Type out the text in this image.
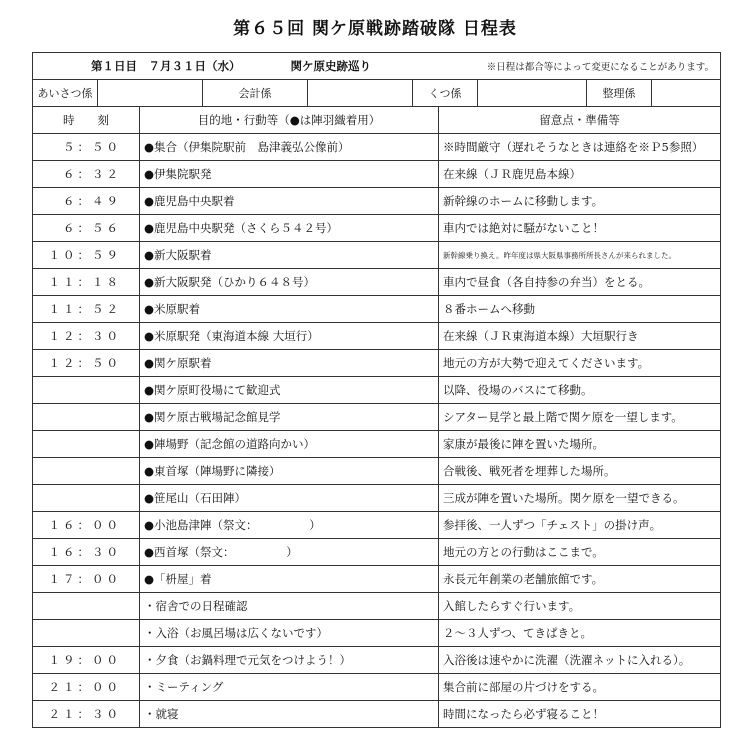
第６５回 関ケ原戦跡踏破隊 日程表
第１日目　７月３１日（水） 関ケ原史跡巡り ※日程は都合等によって変更になることがあります。		

あいさつ係 会計係 くつ係 整理係		

時　　刻	目的地・行動等（●は陣羽織着用）	留意点・準備等
５：５０	●集合（伊集院駅前　島津義弘公像前）	※時間厳守（遅れそうなときは連絡を※Ｐ5参照）
６：３２	●伊集院駅発	在来線（ＪＲ鹿児島本線）
６：４９	●鹿児島中央駅着	新幹線のホームに移動します。
６：５６	●鹿児島中央駅発（さくら５４２号）	車内では絶対に騒がないこと！
１０：５９	●新大阪駅着	新幹線乗り換え。昨年度は県大阪県事務所所長さんが来られました。
１１：１８	●新大阪駅発（ひかり６４８号）	車内で昼食（各自持参の弁当）をとる。
１１：５２	●米原駅着	８番ホームへ移動
１２：３０	●米原駅発（東海道本線 大垣行）	在来線（ＪＲ東海道本線）大垣駅行き
１２：５０	●関ケ原駅着	地元の方が大勢で迎えてくださいます。
	●関ケ原町役場にて歓迎式	以降、役場のバスにて移動。
	●関ケ原古戦場記念館見学	シアター見学と最上階で関ケ原を一望します。
	●陣場野（記念館の道路向かい）	家康が最後に陣を置いた場所。
	●東首塚（陣場野に隣接）	合戦後、戦死者を埋葬した場所。
	●笹尾山（石田陣）	三成が陣を置いた場所。関ケ原を一望できる。
１６：００	●小池島津陣（祭文：　　　　　）	参拝後、一人ずつ「チェスト」の掛け声。
１６：３０	●西首塚（祭文：　　　　　）	地元の方との行動はここまで。
１７：００	●「枡屋」着	永長元年創業の老舗旅館です。
	・宿舎での日程確認	入館したらすぐ行います。
	・入浴（お風呂場は広くないです）	２～３人ずつ、てきぱきと。
１９：００	・夕食（お鍋料理で元気をつけよう！）	入浴後は速やかに洗濯（洗濯ネットに入れる）。
２１：００	・ミーティング	集合前に部屋の片づけをする。
２１：３０	・就寝	時間になったら必ず寝ること！
